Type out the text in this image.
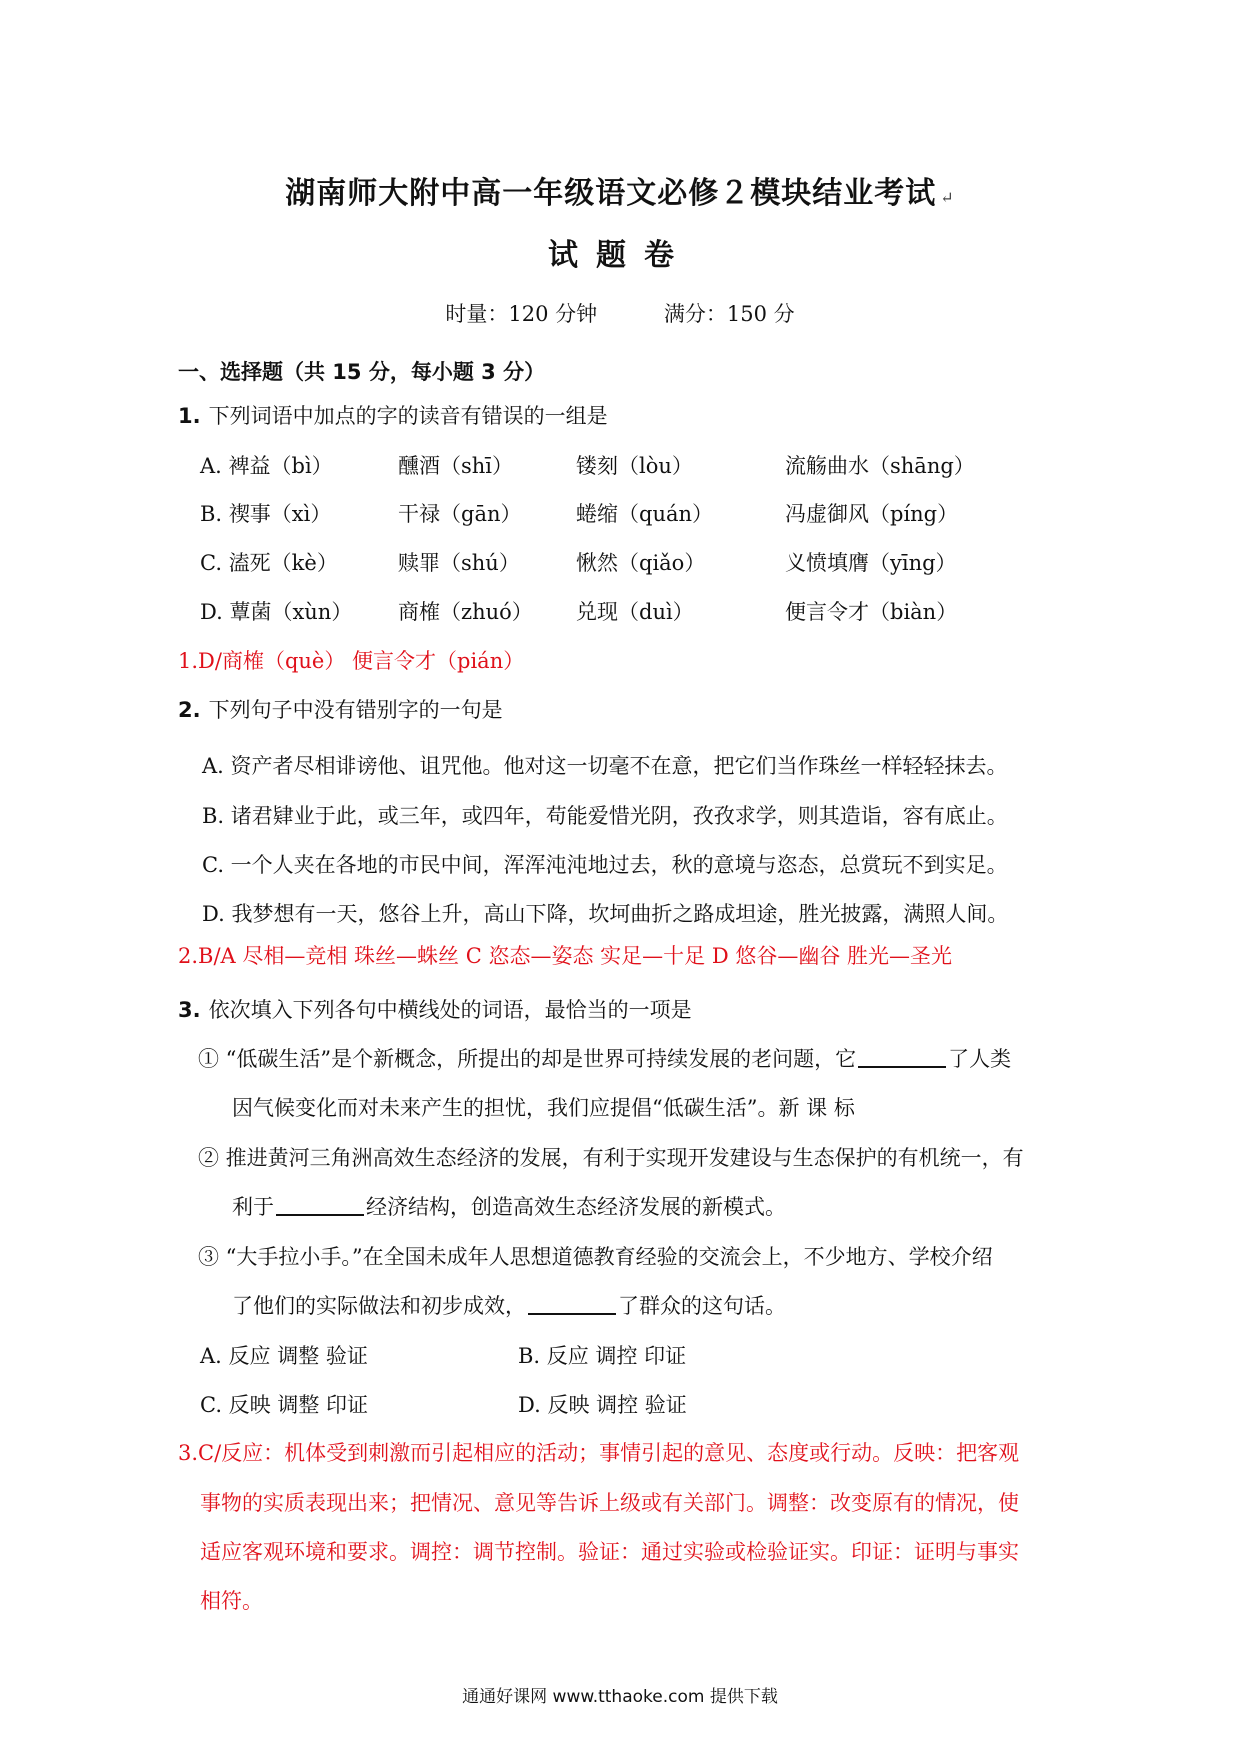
湖南师大附中高一年级语文必修２模块结业考试 ↵
试题卷
时量：120 分钟	满分：150 分
一、选择题（共 15 分，每小题 3 分）
1. 下列词语中加点的字的读音有错误的一组是
A. 裨益（bì）	醺酒（shī）	镂刻（lòu）	流觞曲水（shāng）
B. 禊事（xì）	干禄（gān）	蜷缩（quán）	冯虚御风（píng）
C. 溘死（kè）	赎罪（shú）	愀然（qiǎo）	义愤填膺（yīng）
D. 蕈菌（xùn） 商榷（zhuó） 兑现（duì）	便言令才（biàn）
1.D/商榷（què） 便言令才（pián）
2. 下列句子中没有错别字的一句是
A. 资产者尽相诽谤他、诅咒他。他对这一切毫不在意，把它们当作珠丝一样轻轻抹去。
B. 诸君肄业于此，或三年，或四年，苟能爱惜光阴，孜孜求学，则其造诣，容有底止。
C. 一个人夹在各地的市民中间，浑浑沌沌地过去，秋的意境与恣态，总赏玩不到实足。
D. 我梦想有一天，悠谷上升，高山下降，坎坷曲折之路成坦途，胜光披露，满照人间。
2.B/A 尽相—竞相 珠丝—蛛丝 C 恣态—姿态 实足—十足 D 悠谷—幽谷 胜光—圣光
3. 依次填入下列各句中横线处的词语，最恰当的一项是
① “低碳生活”是个新概念，所提出的却是世界可持续发展的老问题，它	了人类
因气候变化而对未来产生的担忧，我们应提倡“低碳生活”。新 课 标
② 推进黄河三角洲高效生态经济的发展，有利于实现开发建设与生态保护的有机统一，有
利于	经济结构，创造高效生态经济发展的新模式。
③ “大手拉小手。”在全国未成年人思想道德教育经验的交流会上，不少地方、学校介绍
了他们的实际做法和初步成效，	了群众的这句话。
A. 反应 调整 验证	B. 反应 调控 印证
C. 反映 调整 印证	D. 反映 调控 验证
3.C/反应：机体受到刺激而引起相应的活动；事情引起的意见、态度或行动。反映：把客观
事物的实质表现出来；把情况、意见等告诉上级或有关部门。调整：改变原有的情况，使
适应客观环境和要求。调控：调节控制。验证：通过实验或检验证实。印证：证明与事实
相符。
通通好课网 www.tthaoke.com 提供下载
